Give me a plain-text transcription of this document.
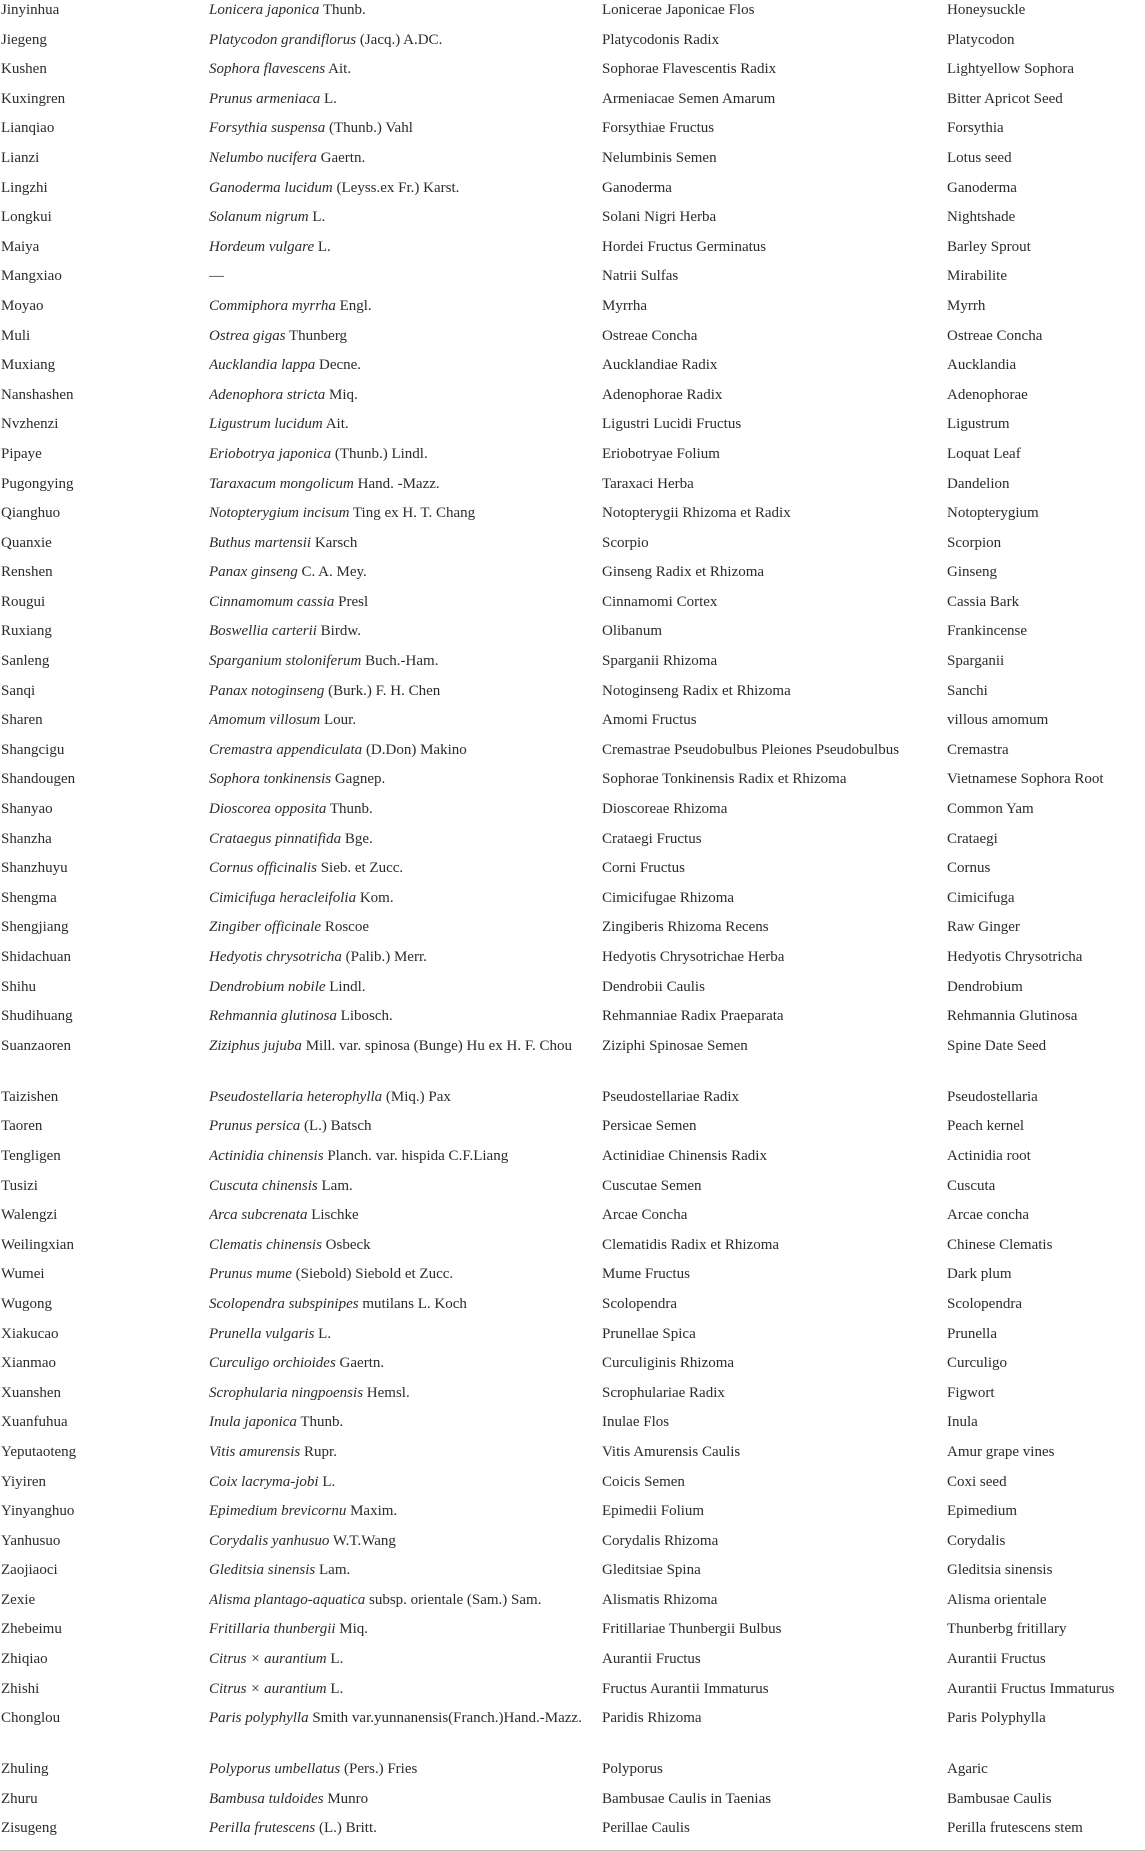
Jinyinhua	Lonicera japonica Thunb.	Lonicerae Japonicae Flos	Honeysuckle
Jiegeng	Platycodon grandiflorus (Jacq.) A.DC.	Platycodonis Radix	Platycodon
Kushen	Sophora flavescens Ait.	Sophorae Flavescentis Radix	Lightyellow Sophora
Kuxingren	Prunus armeniaca L.	Armeniacae Semen Amarum	Bitter Apricot Seed
Lianqiao	Forsythia suspensa (Thunb.) Vahl	Forsythiae Fructus	Forsythia
Lianzi	Nelumbo nucifera Gaertn.	Nelumbinis Semen	Lotus seed
Lingzhi	Ganoderma lucidum (Leyss.ex Fr.) Karst.	Ganoderma	Ganoderma
Longkui	Solanum nigrum L.	Solani Nigri Herba	Nightshade
Maiya	Hordeum vulgare L.	Hordei Fructus Germinatus	Barley Sprout
Mangxiao	—	Natrii Sulfas	Mirabilite
Moyao	Commiphora myrrha Engl.	Myrrha	Myrrh
Muli	Ostrea gigas Thunberg	Ostreae Concha	Ostreae Concha
Muxiang	Aucklandia lappa Decne.	Aucklandiae Radix	Aucklandia
Nanshashen	Adenophora stricta Miq.	Adenophorae Radix	Adenophorae
Nvzhenzi	Ligustrum lucidum Ait.	Ligustri Lucidi Fructus	Ligustrum
Pipaye	Eriobotrya japonica (Thunb.) Lindl.	Eriobotryae Folium	Loquat Leaf
Pugongying	Taraxacum mongolicum Hand. -Mazz.	Taraxaci Herba	Dandelion
Qianghuo	Notopterygium incisum Ting ex H. T. Chang	Notopterygii Rhizoma et Radix	Notopterygium
Quanxie	Buthus martensii Karsch	Scorpio	Scorpion
Renshen	Panax ginseng C. A. Mey.	Ginseng Radix et Rhizoma	Ginseng
Rougui	Cinnamomum cassia Presl	Cinnamomi Cortex	Cassia Bark
Ruxiang	Boswellia carterii Birdw.	Olibanum	Frankincense
Sanleng	Sparganium stoloniferum Buch.-Ham.	Sparganii Rhizoma	Sparganii
Sanqi	Panax notoginseng (Burk.) F. H. Chen	Notoginseng Radix et Rhizoma	Sanchi
Sharen	Amomum villosum Lour.	Amomi Fructus	villous amomum
Shangcigu	Cremastra appendiculata (D.Don) Makino	Cremastrae Pseudobulbus Pleiones Pseudobulbus	Cremastra
Shandougen	Sophora tonkinensis Gagnep.	Sophorae Tonkinensis Radix et Rhizoma	Vietnamese Sophora Root
Shanyao	Dioscorea opposita Thunb.	Dioscoreae Rhizoma	Common Yam
Shanzha	Crataegus pinnatifida Bge.	Crataegi Fructus	Crataegi
Shanzhuyu	Cornus officinalis Sieb. et Zucc.	Corni Fructus	Cornus
Shengma	Cimicifuga heracleifolia Kom.	Cimicifugae Rhizoma	Cimicifuga
Shengjiang	Zingiber officinale Roscoe	Zingiberis Rhizoma Recens	Raw Ginger
Shidachuan	Hedyotis chrysotricha (Palib.) Merr.	Hedyotis Chrysotrichae Herba	Hedyotis Chrysotricha
Shihu	Dendrobium nobile Lindl.	Dendrobii Caulis	Dendrobium
Shudihuang	Rehmannia glutinosa Libosch.	Rehmanniae Radix Praeparata	Rehmannia Glutinosa
Suanzaoren	Ziziphus jujuba Mill. var. spinosa (Bunge) Hu ex H. F. Chou	Ziziphi Spinosae Semen	Spine Date Seed
Taizishen	Pseudostellaria heterophylla (Miq.) Pax	Pseudostellariae Radix	Pseudostellaria
Taoren	Prunus persica (L.) Batsch	Persicae Semen	Peach kernel
Tengligen	Actinidia chinensis Planch. var. hispida C.F.Liang	Actinidiae Chinensis Radix	Actinidia root
Tusizi	Cuscuta chinensis Lam.	Cuscutae Semen	Cuscuta
Walengzi	Arca subcrenata Lischke	Arcae Concha	Arcae concha
Weilingxian	Clematis chinensis Osbeck	Clematidis Radix et Rhizoma	Chinese Clematis
Wumei	Prunus mume (Siebold) Siebold et Zucc.	Mume Fructus	Dark plum
Wugong	Scolopendra subspinipes mutilans L. Koch	Scolopendra	Scolopendra
Xiakucao	Prunella vulgaris L.	Prunellae Spica	Prunella
Xianmao	Curculigo orchioides Gaertn.	Curculiginis Rhizoma	Curculigo
Xuanshen	Scrophularia ningpoensis Hemsl.	Scrophulariae Radix	Figwort
Xuanfuhua	Inula japonica Thunb.	Inulae Flos	Inula
Yeputaoteng	Vitis amurensis Rupr.	Vitis Amurensis Caulis	Amur grape vines
Yiyiren	Coix lacryma-jobi L.	Coicis Semen	Coxi seed
Yinyanghuo	Epimedium brevicornu Maxim.	Epimedii Folium	Epimedium
Yanhusuo	Corydalis yanhusuo W.T.Wang	Corydalis Rhizoma	Corydalis
Zaojiaoci	Gleditsia sinensis Lam.	Gleditsiae Spina	Gleditsia sinensis
Zexie	Alisma plantago-aquatica subsp. orientale (Sam.) Sam.	Alismatis Rhizoma	Alisma orientale
Zhebeimu	Fritillaria thunbergii Miq.	Fritillariae Thunbergii Bulbus	Thunberbg fritillary
Zhiqiao	Citrus × aurantium L.	Aurantii Fructus	Aurantii Fructus
Zhishi	Citrus × aurantium L.	Fructus Aurantii Immaturus	Aurantii Fructus Immaturus
Chonglou	Paris polyphylla Smith var.yunnanensis(Franch.)Hand.-Mazz.	Paridis Rhizoma	Paris Polyphylla
Zhuling	Polyporus umbellatus (Pers.) Fries	Polyporus	Agaric
Zhuru	Bambusa tuldoides Munro	Bambusae Caulis in Taenias	Bambusae Caulis
Zisugeng	Perilla frutescens (L.) Britt.	Perillae Caulis	Perilla frutescens stem
